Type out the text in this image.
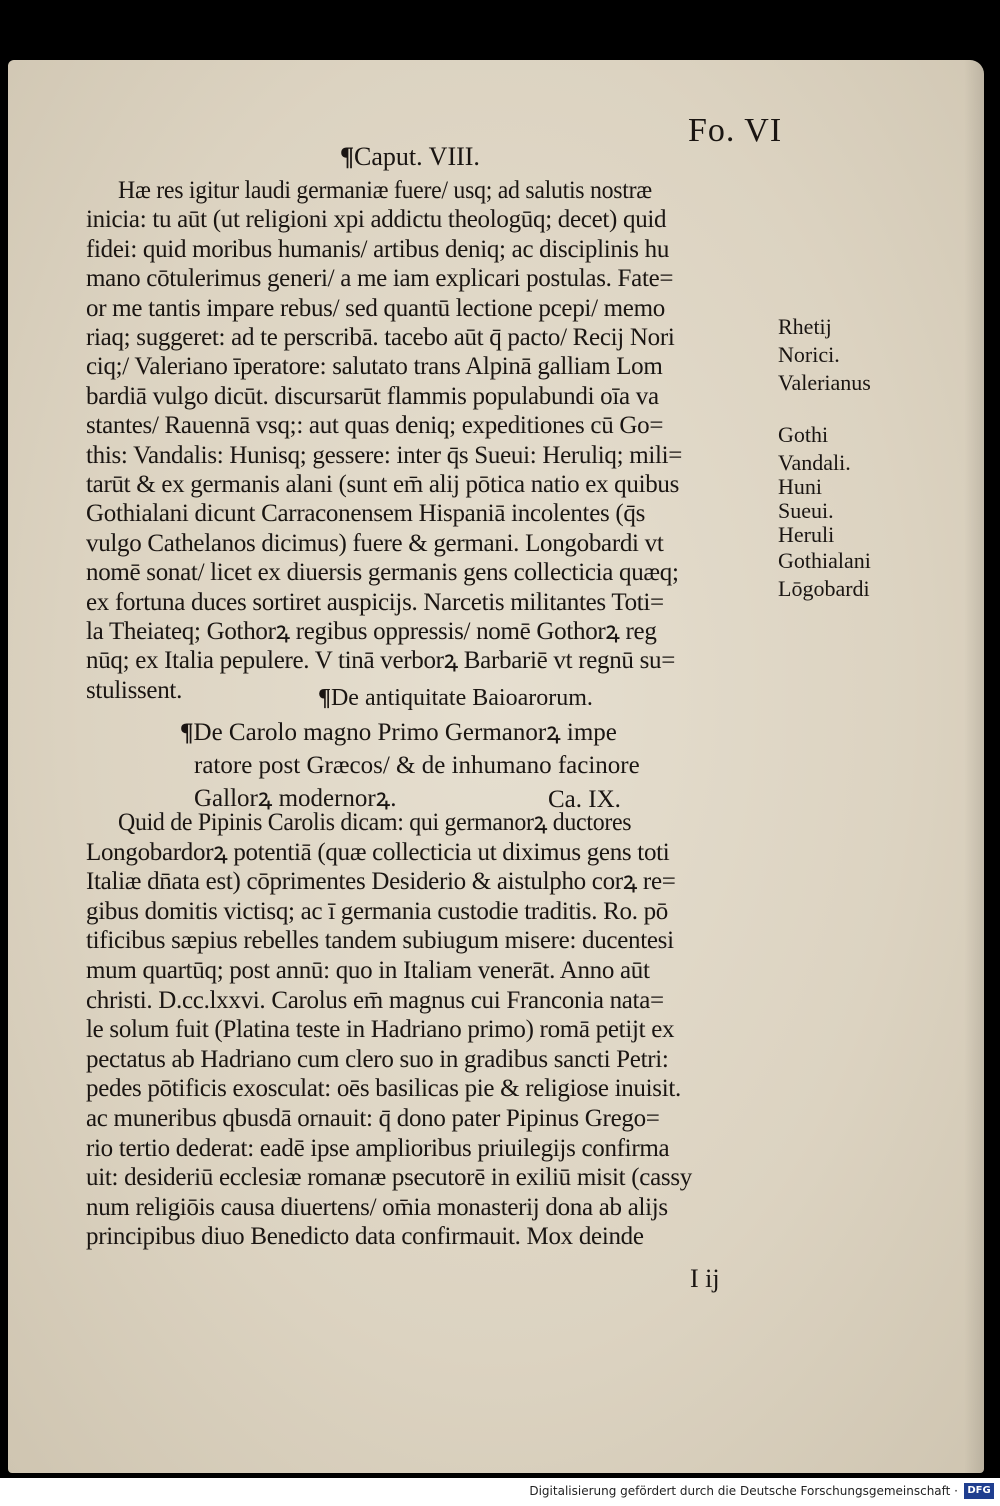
Fo. VI
¶Caput. VIII.
Hæ res igitur laudi germaniæ fuere/ usq; ad salutis nostræ
inicia: tu aūt (ut religioni xpi addictu theologūq; decet) quid
fidei: quid moribus humanis/ artibus deniq; ac disciplinis hu
mano cōtulerimus generi/ a me iam explicari postulas. Fate=
or me tantis impare rebus/ sed quantū lectione pcepi/ memo
riaq; suggeret: ad te perscribā. tacebo aūt q̄ pacto/ Recij Nori
ciq;/ Valeriano īperatore: salutato trans Alpinā galliam Lom
bardiā vulgo dicūt. discursarūt flammis populabundi oīa va
stantes/ Rauennā vsq;: aut quas deniq; expeditiones cū Go=
this: Vandalis: Hunisq; gessere: inter q̄s Sueui: Heruliq; mili=
tarūt & ex germanis alani (sunt em̄ alij pōtica natio ex quibus
Gothialani dicunt Carraconensem Hispaniā incolentes (q̄s
vulgo Cathelanos dicimus) fuere & germani. Longobardi vt
nomē sonat/ licet ex diuersis germanis gens collecticia quæq;
ex fortuna duces sortiret auspicijs. Narcetis militantes Toti=
la Theiateq; Gothorꝝ regibus oppressis/ nomē Gothorꝝ reg
nūq; ex Italia pepulere. V tinā verborꝝ Barbariē vt regnū su=
stulissent.	¶De antiquitate Baioarorum.
¶De Carolo magno Primo Germanorꝝ impe
ratore post Græcos/ & de inhumano facinore
Gallorꝝ modernorꝝ.	Ca. IX.
Quid de Pipinis Carolis dicam: qui germanorꝝ ductores
Longobardorꝝ potentiā (quæ collecticia ut diximus gens toti
Italiæ dn̄ata est) cōprimentes Desiderio & aistulpho corꝝ re=
gibus domitis victisq; ac ī germania custodie traditis. Ro. pō
tificibus sæpius rebelles tandem subiugum misere: ducentesi
mum quartūq; post annū: quo in Italiam venerāt. Anno aūt
christi. D.cc.lxxvi. Carolus em̄ magnus cui Franconia nata=
le solum fuit (Platina teste in Hadriano primo) romā petijt ex
pectatus ab Hadriano cum clero suo in gradibus sancti Petri:
pedes pōtificis exosculat: oēs basilicas pie & religiose inuisit.
ac muneribus qbusdā ornauit: q̄ dono pater Pipinus Grego=
rio tertio dederat: eadē ipse amplioribus priuilegijs confirma
uit: desideriū ecclesiæ romanæ psecutorē in exiliū misit (cassy
num religiōis causa diuertens/ om̄ia monasterij dona ab alijs
principibus diuo Benedicto data confirmauit. Mox deinde
Rhetij
Norici.
Valerianus
Gothi
Vandali.
Huni
Sueui.
Heruli
Gothialani
Lōgobardi
I ij
Digitalisierung gefördert durch die Deutsche Forschungsgemeinschaft · DFG
